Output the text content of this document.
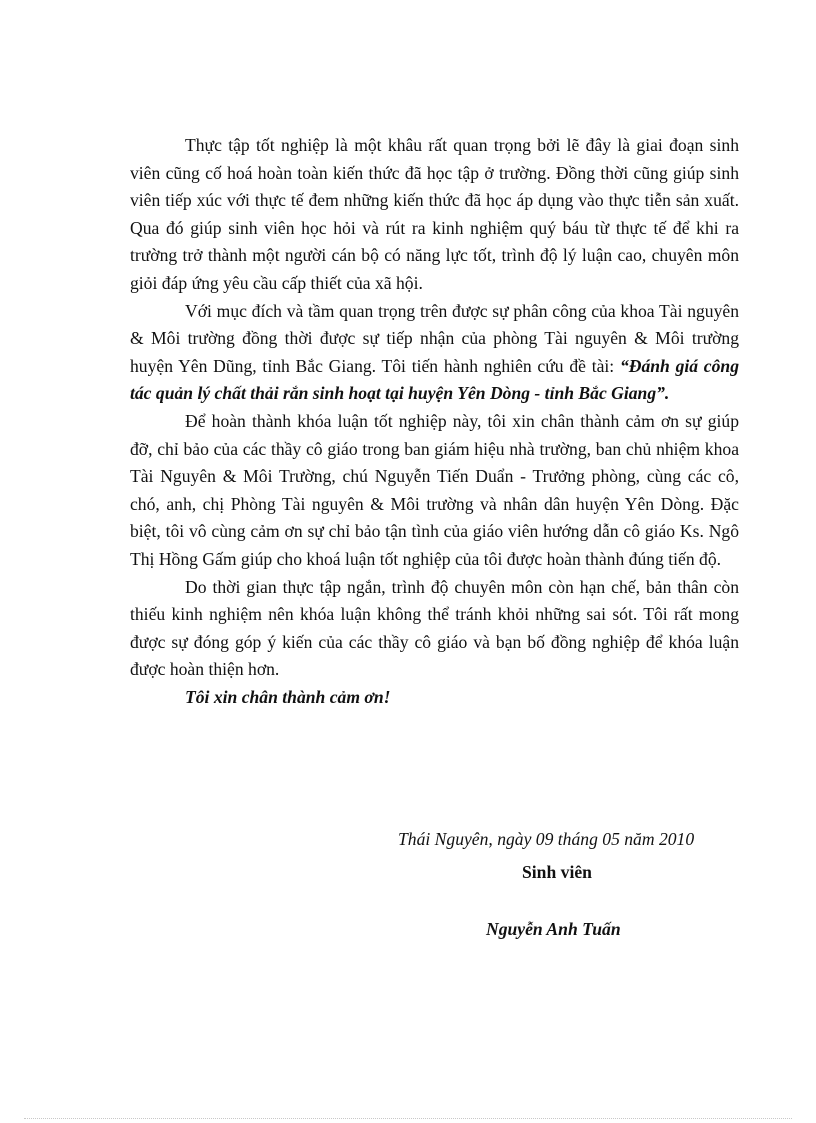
Thực tập tốt nghiệp là một khâu rất quan trọng bởi lẽ đây là giai đoạn sinh viên cũng cố hoá hoàn toàn kiến thức đã học tập ở trường. Đồng thời cũng giúp sinh viên tiếp xúc với thực tế đem những kiến thức đã học áp dụng vào thực tiễn sản xuất. Qua đó giúp sinh viên học hỏi và rút ra kinh nghiệm quý báu từ thực tế để khi ra trường trở thành một người cán bộ có năng lực tốt, trình độ lý luận cao, chuyên môn giỏi đáp ứng yêu cầu cấp thiết của xã hội.

Với mục đích và tầm quan trọng trên được sự phân công của khoa Tài nguyên & Môi trường đồng thời được sự tiếp nhận của phòng Tài nguyên & Môi trường huyện Yên Dũng, tỉnh Bắc Giang. Tôi tiến hành nghiên cứu đề tài: “Đánh giá công tác quản lý chất thải rắn sinh hoạt tại huyện Yên Dòng - tỉnh Bắc Giang”.

Để hoàn thành khóa luận tốt nghiệp này, tôi xin chân thành cảm ơn sự giúp đỡ, chỉ bảo của các thầy cô giáo trong ban giám hiệu nhà trường, ban chủ nhiệm khoa Tài Nguyên & Môi Trường, chú Nguyễn Tiến Duẩn - Trưởng phòng, cùng các cô, chó, anh, chị Phòng Tài nguyên & Môi trường và nhân dân huyện Yên Dòng. Đặc biệt, tôi vô cùng cảm ơn sự chỉ bảo tận tình của giáo viên hướng dẫn cô giáo Ks. Ngô Thị Hồng Gấm giúp cho khoá luận tốt nghiệp của tôi được hoàn thành đúng tiến độ.

Do thời gian thực tập ngắn, trình độ chuyên môn còn hạn chế, bản thân còn thiếu kinh nghiệm nên khóa luận không thể tránh khỏi những sai sót. Tôi rất mong được sự đóng góp ý kiến của các thầy cô giáo và bạn bố đồng nghiệp để khóa luận được hoàn thiện hơn.

Tôi xin chân thành cảm ơn!

Thái Nguyên, ngày 09 tháng 05 năm 2010
Sinh viên
Nguyễn Anh Tuấn
